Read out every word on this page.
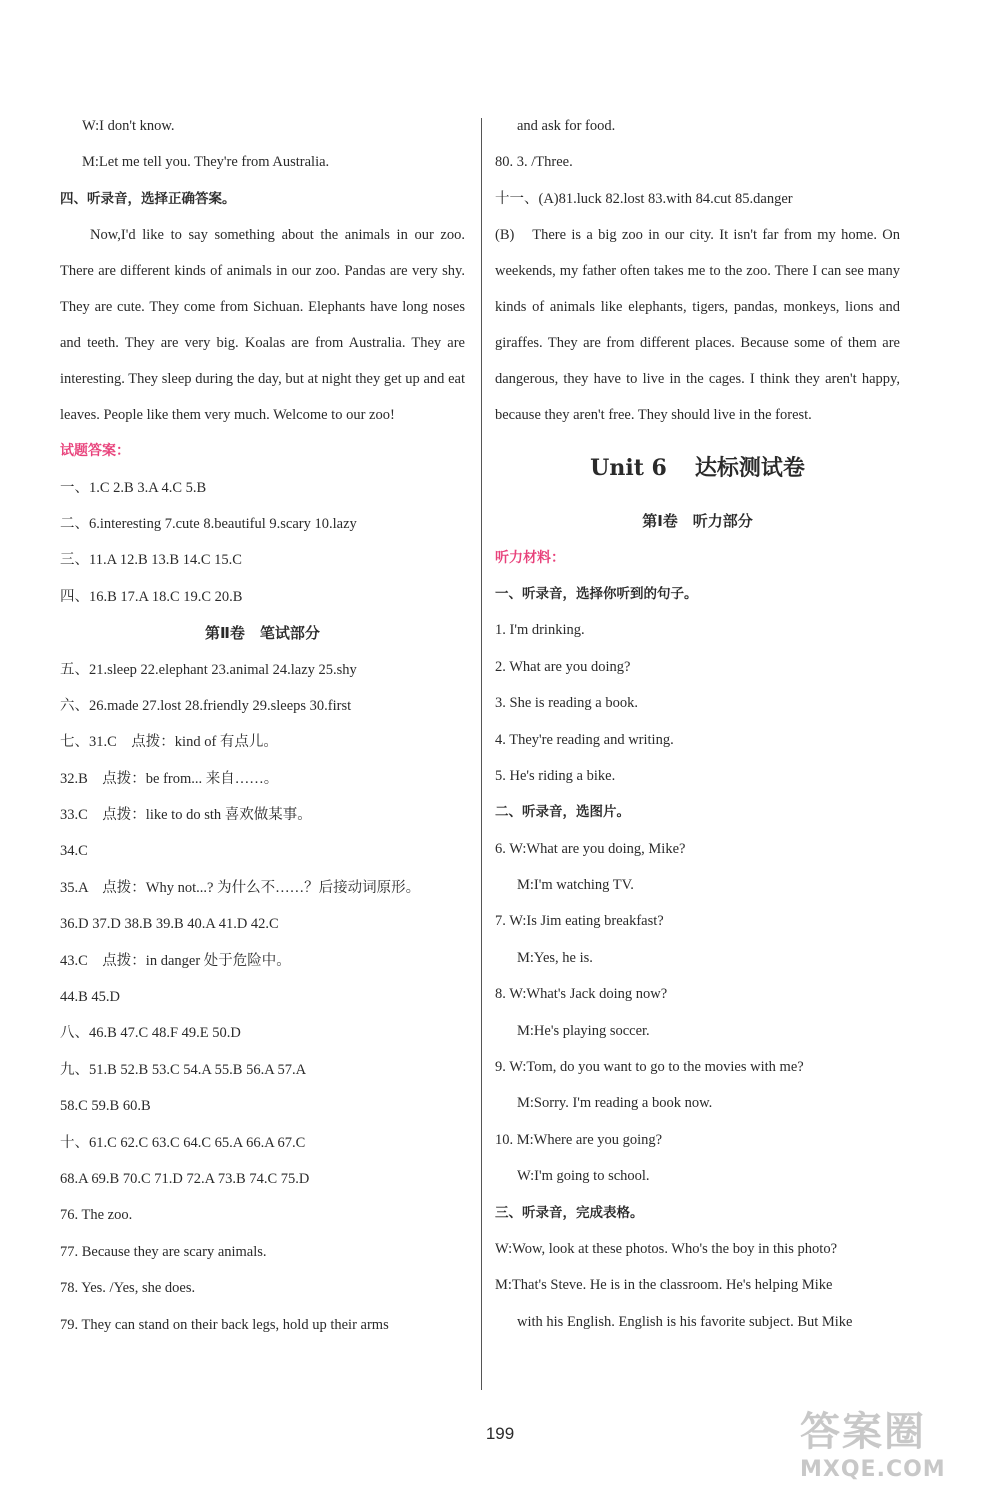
W:I don't know.
M:Let me tell you. They're from Australia.
四、听录音，选择正确答案。
Now,I'd like to say something about the animals in our zoo. There are different kinds of animals in our zoo. Pandas are very shy. They are cute. They come from Sichuan. Elephants have long noses and teeth. They are very big. Koalas are from Australia. They are interesting. They sleep during the day, but at night they get up and eat leaves. People like them very much. Welcome to our zoo!
试题答案：
一、1.C 2.B 3.A 4.C 5.B
二、6.interesting 7.cute 8.beautiful 9.scary 10.lazy
三、11.A 12.B 13.B 14.C 15.C
四、16.B 17.A 18.C 19.C 20.B
第Ⅱ卷　笔试部分
五、21.sleep 22.elephant 23.animal 24.lazy 25.shy
六、26.made 27.lost 28.friendly 29.sleeps 30.first
七、31.C　点拨：kind of 有点儿。
32.B　点拨：be from... 来自……。
33.C　点拨：like to do sth 喜欢做某事。
34.C
35.A　点拨：Why not...? 为什么不……？后接动词原形。
36.D 37.D 38.B 39.B 40.A 41.D 42.C
43.C　点拨：in danger 处于危险中。
44.B 45.D
八、46.B 47.C 48.F 49.E 50.D
九、51.B 52.B 53.C 54.A 55.B 56.A 57.A
58.C 59.B 60.B
十、61.C 62.C 63.C 64.C 65.A 66.A 67.C
68.A 69.B 70.C 71.D 72.A 73.B 74.C 75.D
76. The zoo.
77. Because they are scary animals.
78. Yes. /Yes, she does.
79. They can stand on their back legs, hold up their arms
and ask for food.
80. 3. /Three.
十一、(A)81.luck 82.lost 83.with 84.cut 85.danger
(B)　There is a big zoo in our city. It isn't far from my home. On weekends, my father often takes me to the zoo. There I can see many kinds of animals like elephants, tigers, pandas, monkeys, lions and giraffes. They are from different places. Because some of them are dangerous, they have to live in the cages. I think they aren't happy, because they aren't free. They should live in the forest.
Unit 6 达标测试卷
第Ⅰ卷　听力部分
听力材料：
一、听录音，选择你听到的句子。
1. I'm drinking.
2. What are you doing?
3. She is reading a book.
4. They're reading and writing.
5. He's riding a bike.
二、听录音，选图片。
6. W:What are you doing, Mike?
M:I'm watching TV.
7. W:Is Jim eating breakfast?
M:Yes, he is.
8. W:What's Jack doing now?
M:He's playing soccer.
9. W:Tom, do you want to go to the movies with me?
M:Sorry. I'm reading a book now.
10. M:Where are you going?
W:I'm going to school.
三、听录音，完成表格。
W:Wow, look at these photos. Who's the boy in this photo?
M:That's Steve. He is in the classroom. He's helping Mike
with his English. English is his favorite subject. But Mike
199	答案圈
MXQE.COM
